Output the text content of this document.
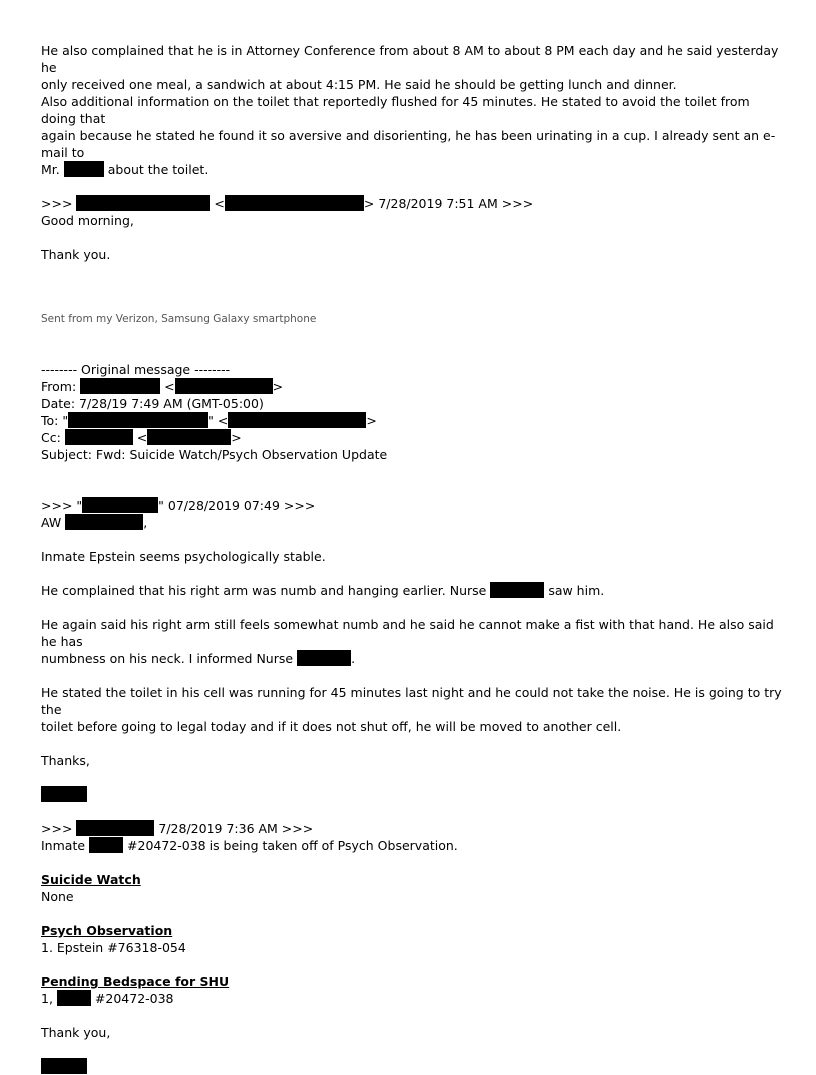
He also complained that he is in Attorney Conference from about 8 AM to about 8 PM each day and he said yesterday he

only received one meal, a sandwich at about 4:15 PM. He said he should be getting lunch and dinner.

Also additional information on the toilet that reportedly flushed for 45 minutes. He stated to avoid the toilet from doing that

again because he stated he found it so aversive and disorienting, he has been urinating in a cup. I already sent an e-mail to

Mr.	about the toilet.

>>>	<	> 7/28/2019 7:51 AM >>>

Good morning,

Thank you.

Sent from my Verizon, Samsung Galaxy smartphone

-------- Original message --------

From:	<	>

Date: 7/28/19 7:49 AM (GMT-05:00)

To: "	" <	>

Cc:	<	>

Subject: Fwd: Suicide Watch/Psych Observation Update

>>> "	" 07/28/2019 07:49 >>>

AW	,

Inmate Epstein seems psychologically stable.

He complained that his right arm was numb and hanging earlier. Nurse	saw him.

He again said his right arm still feels somewhat numb and he said he cannot make a fist with that hand. He also said he has

numbness on his neck. I informed Nurse	.

He stated the toilet in his cell was running for 45 minutes last night and he could not take the noise. He is going to try the

toilet before going to legal today and if it does not shut off, he will be moved to another cell.

Thanks,

>>>	7/28/2019 7:36 AM >>>

Inmate	#20472-038 is being taken off of Psych Observation.

Suicide Watch

None

Psych Observation

1. Epstein #76318-054

Pending Bedspace for SHU

1,	#20472-038

Thank you,
